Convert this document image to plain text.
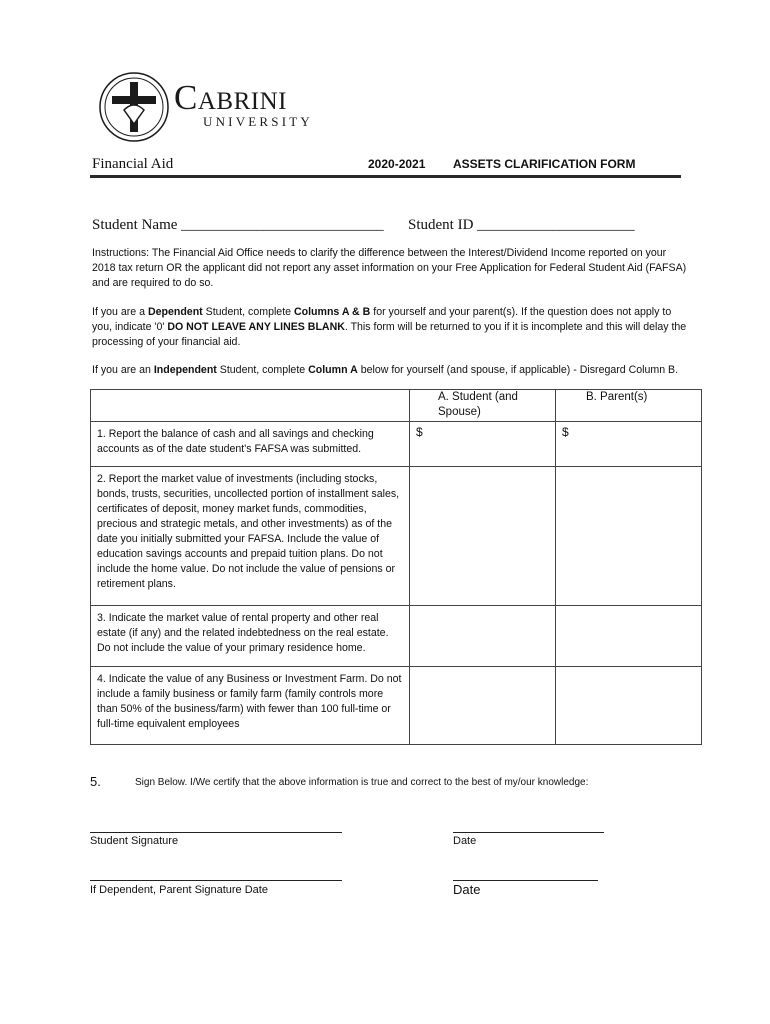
Cabrini
UNIVERSITY
Financial Aid	2020-2021 ASSETS CLARIFICATION FORM
Student Name ___________________________ Student ID _____________________
Instructions: The Financial Aid Office needs to clarify the difference between the Interest/Dividend Income reported on your 2018 tax return OR the applicant did not report any asset information on your Free Application for Federal Student Aid (FAFSA) and are required to do so.
If you are a Dependent Student, complete Columns A & B for yourself and your parent(s). If the question does not apply to you, indicate '0' DO NOT LEAVE ANY LINES BLANK. This form will be returned to you if it is incomplete and this will delay the processing of your financial aid.
If you are an Independent Student, complete Column A below for yourself (and spouse, if applicable) - Disregard Column B.

	A. Student (and Spouse)	B. Parent(s)

1. Report the balance of cash and all savings and checking accounts as of the date student's FAFSA was submitted.	$	$

2. Report the market value of investments (including stocks, bonds, trusts, securities, uncollected portion of installment sales, certificates of deposit, money market funds, commodities, precious and strategic metals, and other investments) as of the date you initially submitted your FAFSA. Include the value of education savings accounts and prepaid tuition plans. Do not include the home value. Do not include the value of pensions or retirement plans.		
3. Indicate the market value of rental property and other real estate (if any) and the related indebtedness on the real estate. Do not include the value of your primary residence home.		
4. Indicate the value of any Business or Investment Farm. Do not include a family business or family farm (family controls more than 50% of the business/farm) with fewer than 100 full-time or full-time equivalent employees		
5.	Sign Below. I/We certify that the above information is true and correct to the best of my/our knowledge:
Student Signature	Date
If Dependent, Parent Signature Date	Date
